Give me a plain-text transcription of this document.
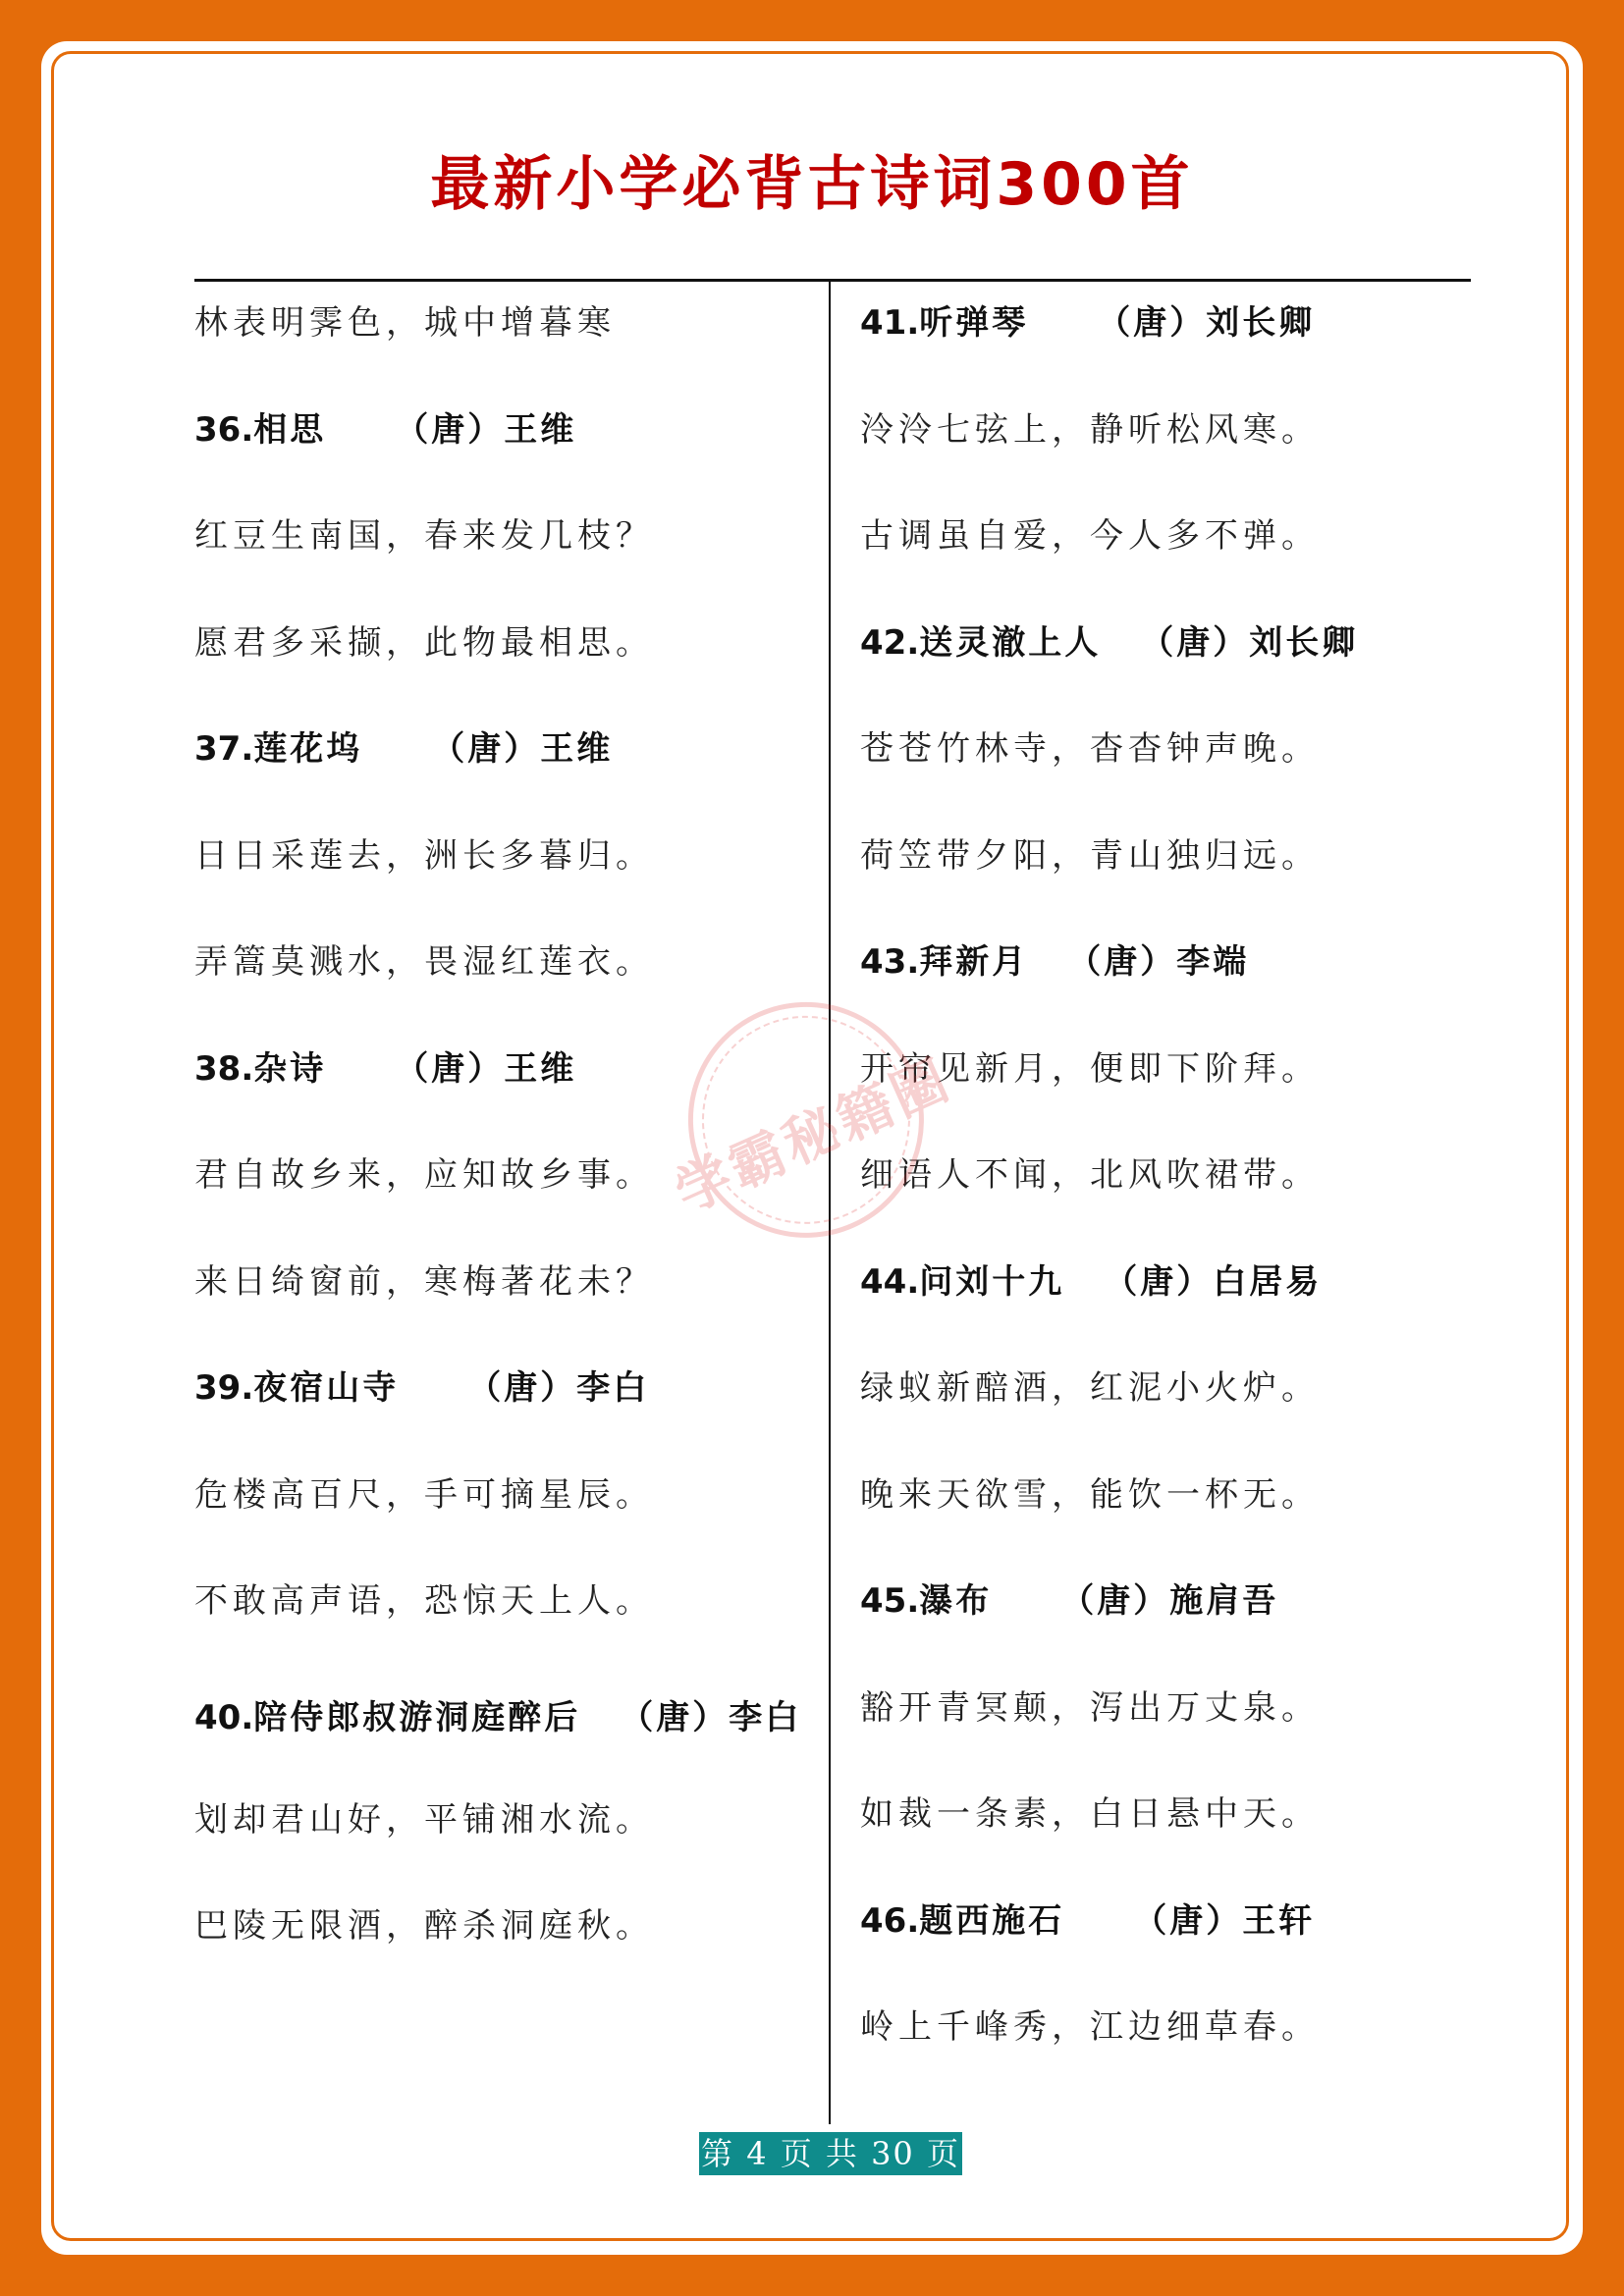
最新小学必背古诗词300首
林表明霁色，城中增暮寒
36.相思 （唐）王维
红豆生南国，春来发几枝？
愿君多采撷，此物最相思。
37.莲花坞 （唐）王维
日日采莲去，洲长多暮归。
弄篙莫溅水，畏湿红莲衣。
38.杂诗 （唐）王维
君自故乡来，应知故乡事。
来日绮窗前，寒梅著花未？
39.夜宿山寺 （唐）李白
危楼高百尺，手可摘星辰。
不敢高声语，恐惊天上人。
40.陪侍郎叔游洞庭醉后 （唐）李白
划却君山好，平铺湘水流。
巴陵无限酒，醉杀洞庭秋。
41.听弹琴 （唐）刘长卿
泠泠七弦上，静听松风寒。
古调虽自爱，今人多不弹。
42.送灵澈上人 （唐）刘长卿
苍苍竹林寺，杳杳钟声晚。
荷笠带夕阳，青山独归远。
43.拜新月 （唐）李端
开帘见新月，便即下阶拜。
细语人不闻，北风吹裙带。
44.问刘十九 （唐）白居易
绿蚁新醅酒，红泥小火炉。
晚来天欲雪，能饮一杯无。
45.瀑布 （唐）施肩吾
豁开青冥颠，泻出万丈泉。
如裁一条素，白日悬中天。
46.题西施石 （唐）王轩
岭上千峰秀，江边细草春。
学霸秘籍圈
第 4 页 共 30 页
